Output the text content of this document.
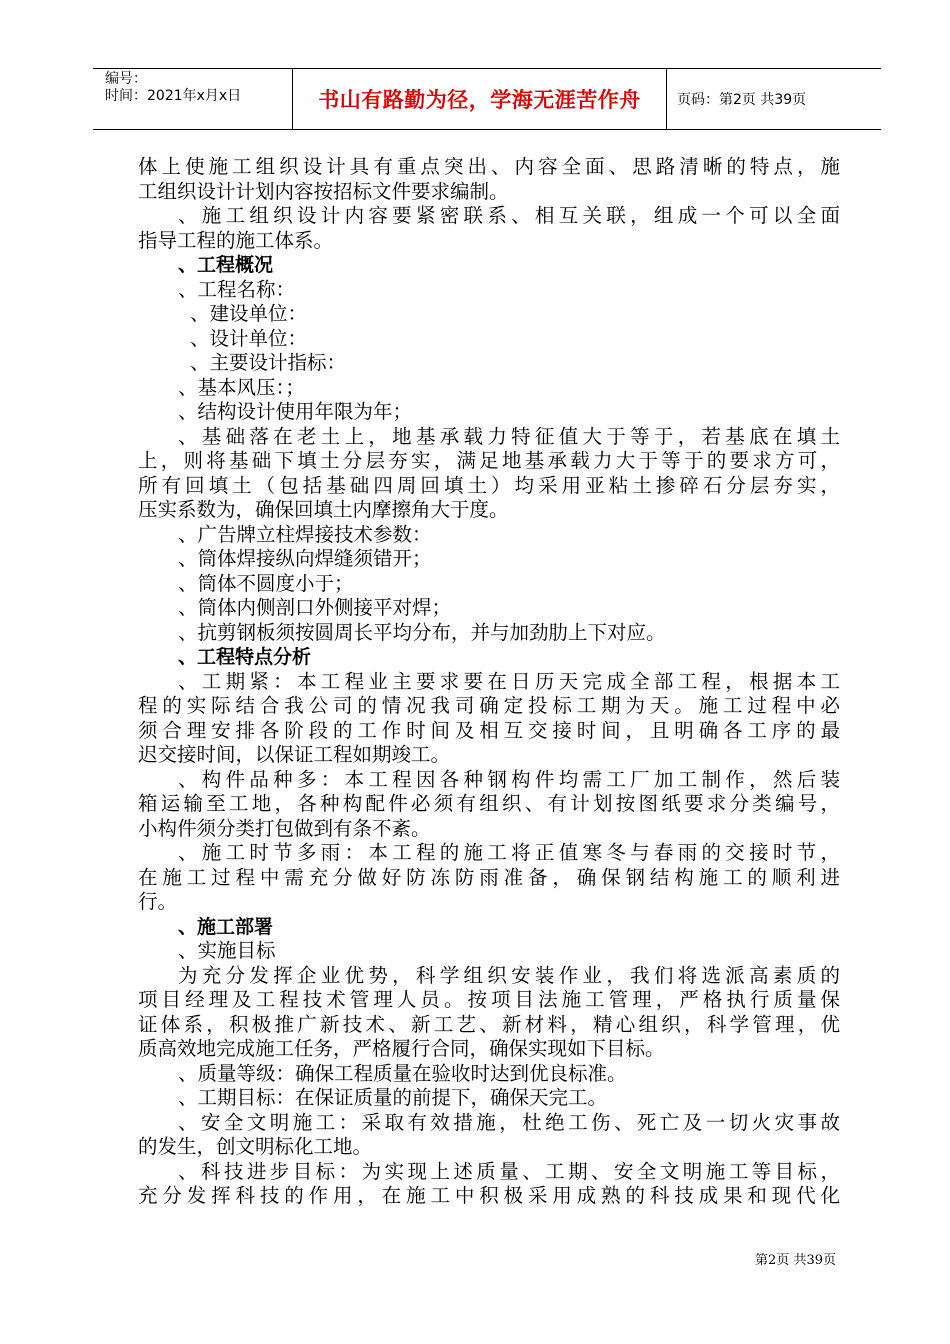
编号：
时间：2021年x月x日	书山有路勤为径，学海无涯苦作舟	页码：第2页 共39页
体上使施工组织设计具有重点突出、内容全面、思路清晰的特点，施
工组织设计计划内容按招标文件要求编制。
、施工组织设计内容要紧密联系、相互关联，组成一个可以全面
指导工程的施工体系。
、工程概况
、工程名称：
、建设单位：
、设计单位：
、主要设计指标：
、基本风压：；
、结构设计使用年限为年；
、基础落在老土上，地基承载力特征值大于等于，若基底在填土
上，则将基础下填土分层夯实，满足地基承载力大于等于的要求方可，
所有回填土（包括基础四周回填土）均采用亚粘土掺碎石分层夯实，
压实系数为，确保回填土内摩擦角大于度。
、广告牌立柱焊接技术参数：
、筒体焊接纵向焊缝须错开；
、筒体不圆度小于；
、筒体内侧剖口外侧接平对焊；
、抗剪钢板须按圆周长平均分布，并与加劲肋上下对应。
、工程特点分析
、工期紧：本工程业主要求要在日历天完成全部工程，根据本工
程的实际结合我公司的情况我司确定投标工期为天。施工过程中必
须合理安排各阶段的工作时间及相互交接时间，且明确各工序的最
迟交接时间，以保证工程如期竣工。
、构件品种多：本工程因各种钢构件均需工厂加工制作，然后装
箱运输至工地，各种构配件必须有组织、有计划按图纸要求分类编号，
小构件须分类打包做到有条不紊。
、施工时节多雨：本工程的施工将正值寒冬与春雨的交接时节，
在施工过程中需充分做好防冻防雨准备，确保钢结构施工的顺利进
行。
、施工部署
、实施目标
为充分发挥企业优势，科学组织安装作业，我们将选派高素质的
项目经理及工程技术管理人员。按项目法施工管理，严格执行质量保
证体系，积极推广新技术、新工艺、新材料，精心组织，科学管理，优
质高效地完成施工任务，严格履行合同，确保实现如下目标。
、质量等级：确保工程质量在验收时达到优良标准。
、工期目标：在保证质量的前提下，确保天完工。
、安全文明施工：采取有效措施，杜绝工伤、死亡及一切火灾事故
的发生，创文明标化工地。
、科技进步目标：为实现上述质量、工期、安全文明施工等目标，
充分发挥科技的作用，在施工中积极采用成熟的科技成果和现代化
第2页 共39页
